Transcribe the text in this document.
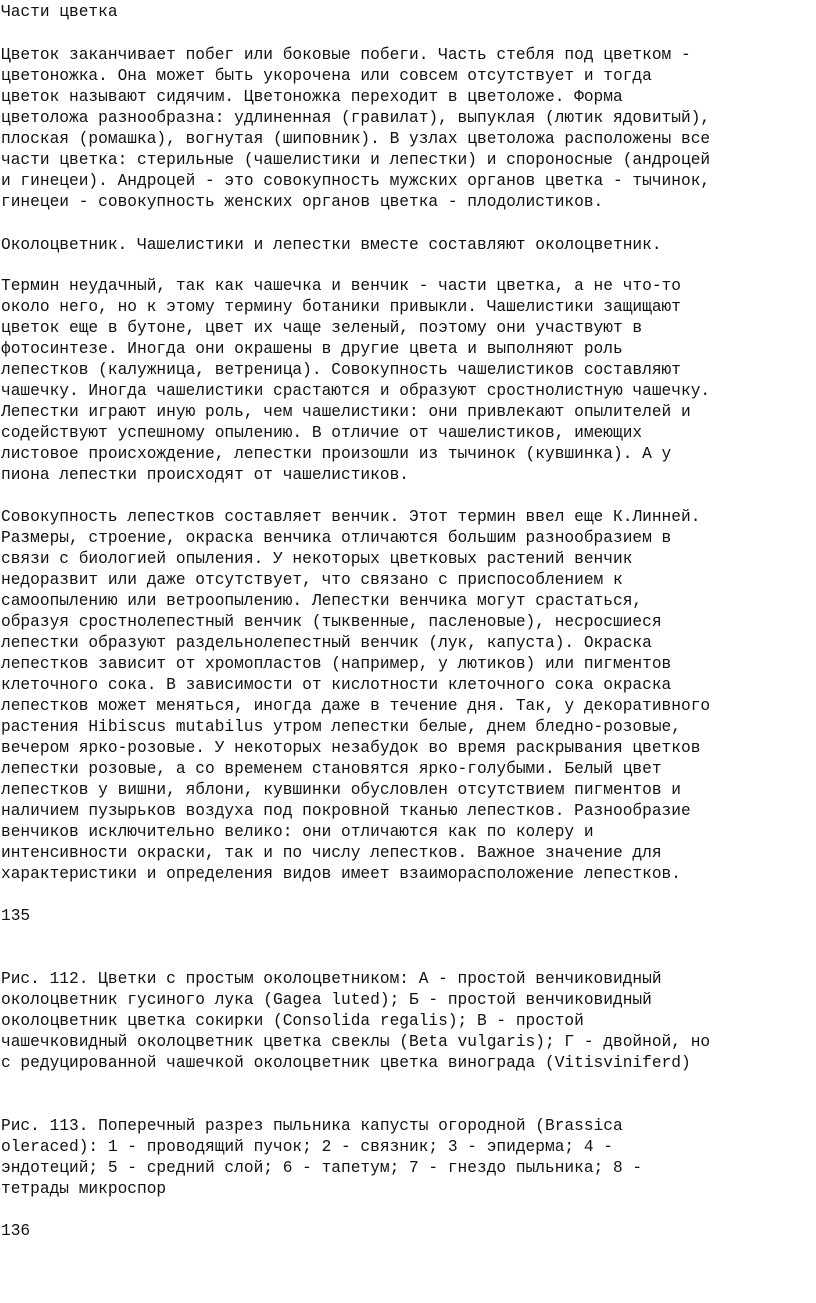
Части цветка

Цветок заканчивает побег или боковые побеги. Часть стебля под цветком -

цветоножка. Она может быть укорочена или совсем отсутствует и тогда

цветок называют сидячим. Цветоножка переходит в цветоложе. Форма

цветоложа разнообразна: удлиненная (гравилат), выпуклая (лютик ядовитый),

плоская (ромашка), вогнутая (шиповник). В узлах цветоложа расположены все

части цветка: стерильные (чашелистики и лепестки) и спороносные (андроцей

и гинецеи). Андроцей - это совокупность мужских органов цветка - тычинок,

гинецеи - совокупность женских органов цветка - плодолистиков.

Околоцветник. Чашелистики и лепестки вместе составляют околоцветник.

Термин неудачный, так как чашечка и венчик - части цветка, а не что-то

около него, но к этому термину ботаники привыкли. Чашелистики защищают

цветок еще в бутоне, цвет их чаще зеленый, поэтому они участвуют в

фотосинтезе. Иногда они окрашены в другие цвета и выполняют роль

лепестков (калужница, ветреница). Совокупность чашелистиков составляют

чашечку. Иногда чашелистики срастаются и образуют сростнолистную чашечку.

Лепестки играют иную роль, чем чашелистики: они привлекают опылителей и

содействуют успешному опылению. В отличие от чашелистиков, имеющих

листовое происхождение, лепестки произошли из тычинок (кувшинка). А у

пиона лепестки происходят от чашелистиков.

Совокупность лепестков составляет венчик. Этот термин ввел еще К.Линней.

Размеры, строение, окраска венчика отличаются большим разнообразием в

связи с биологией опыления. У некоторых цветковых растений венчик

недоразвит или даже отсутствует, что связано с приспособлением к

самоопылению или ветроопылению. Лепестки венчика могут срастаться,

образуя сростнолепестный венчик (тыквенные, пасленовые), несросшиеся

лепестки образуют раздельнолепестный венчик (лук, капуста). Окраска

лепестков зависит от хромопластов (например, у лютиков) или пигментов

клеточного сока. В зависимости от кислотности клеточного сока окраска

лепестков может меняться, иногда даже в течение дня. Так, у декоративного

растения Hibiscus mutabilus утром лепестки белые, днем бледно-розовые,

вечером ярко-розовые. У некоторых незабудок во время раскрывания цветков

лепестки розовые, а со временем становятся ярко-голубыми. Белый цвет

лепестков у вишни, яблони, кувшинки обусловлен отсутствием пигментов и

наличием пузырьков воздуха под покровной тканью лепестков. Разнообразие

венчиков исключительно велико: они отличаются как по колеру и

интенсивности окраски, так и по числу лепестков. Важное значение для

характеристики и определения видов имеет взаиморасположение лепестков.

135

Рис. 112. Цветки с простым околоцветником: А - простой венчиковидный

околоцветник гусиного лука (Gagea luted); Б - простой венчиковидный

околоцветник цветка сокирки (Consolida regalis); В - простой

чашечковидный околоцветник цветка свеклы (Beta vulgaris); Г - двойной, но

с редуцированной чашечкой околоцветник цветка винограда (Vitisviniferd)

Рис. 113. Поперечный разрез пыльника капусты огородной (Brassica

oleraced): 1 - проводящий пучок; 2 - связник; 3 - эпидерма; 4 -

эндотеций; 5 - средний слой; 6 - тапетум; 7 - гнездо пыльника; 8 -

тетрады микроспор

136
